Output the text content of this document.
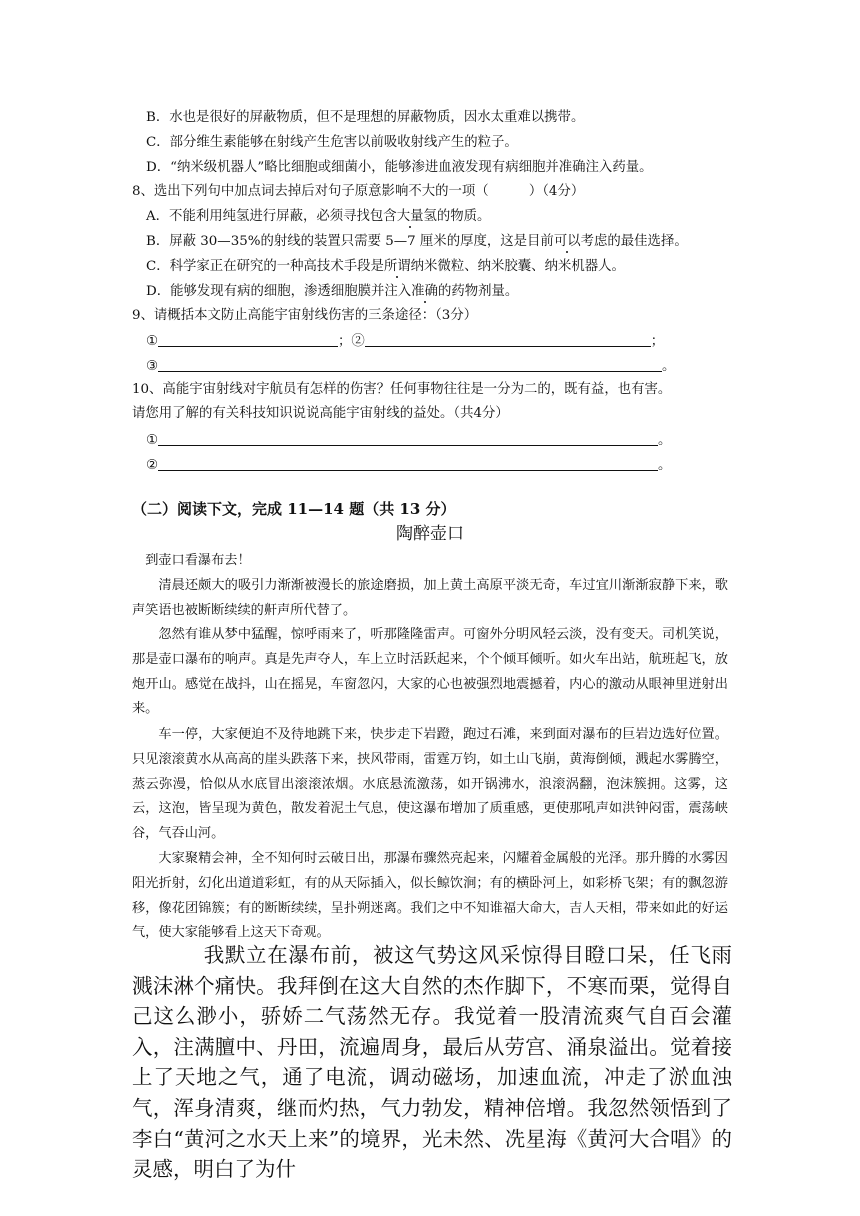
B．水也是很好的屏蔽物质，但不是理想的屏蔽物质，因水太重难以携带。
C．部分维生素能够在射线产生危害以前吸收射线产生的粒子。
D．“纳米级机器人”略比细胞或细菌小，能够渗进血液发现有病细胞并准确注入药量。
8、选出下列句中加点词去掉后对句子原意影响不大的一项（　　　）（4分）
A．不能利用纯氢进行屏蔽，必须寻找包含大量氢的物质。
B．屏蔽 30—35%的射线的装置只需要 5—7 厘米的厚度，这是目前可以考虑的最佳选择。
C．科学家正在研究的一种高技术手段是所谓纳米微粒、纳米胶囊、纳米机器人。
D．能够发现有病的细胞，渗透细胞膜并注入准确的药物剂量。
9、请概括本文防止高能宇宙射线伤害的三条途径：（3分）
①	；②	；
③	。
10、高能宇宙射线对宇航员有怎样的伤害？任何事物往往是一分为二的，既有益，也有害。
请您用了解的有关科技知识说说高能宇宙射线的益处。（共4分）
①	。
②	。
（二）阅读下文，完成 11—14 题（共 13 分）
陶醉壶口
到壶口看瀑布去！
清晨还颇大的吸引力渐渐被漫长的旅途磨损，加上黄土高原平淡无奇，车过宜川渐渐寂静下来，歌声笑语也被断断续续的鼾声所代替了。
忽然有谁从梦中猛醒，惊呼雨来了，听那隆隆雷声。可窗外分明风轻云淡，没有变天。司机笑说，那是壶口瀑布的响声。真是先声夺人，车上立时活跃起来，个个倾耳倾听。如火车出站，航班起飞，放炮开山。感觉在战抖，山在摇晃，车窗忽闪，大家的心也被强烈地震撼着，内心的激动从眼神里迸射出来。
车一停，大家便迫不及待地跳下来，快步走下岩蹬，跑过石滩，来到面对瀑布的巨岩边选好位置。只见滚滚黄水从高高的崖头跌落下来，挟风带雨，雷霆万钧，如土山飞崩，黄海倒倾，溅起水雾腾空，蒸云弥漫，恰似从水底冒出滚滚浓烟。水底悬流激荡，如开锅沸水，浪滚涡翻，泡沫簇拥。这雾，这云，这泡，皆呈现为黄色，散发着泥土气息，使这瀑布增加了质重感，更使那吼声如洪钟闷雷，震荡峡谷，气吞山河。
大家聚精会神，全不知何时云破日出，那瀑布骤然亮起来，闪耀着金属般的光泽。那升腾的水雾因阳光折射，幻化出道道彩虹，有的从天际插入，似长鲸饮涧；有的横卧河上，如彩桥飞架；有的飘忽游移，像花团锦簇；有的断断续续，呈扑朔迷离。我们之中不知谁福大命大，吉人天相，带来如此的好运气，使大家能够看上这天下奇观。
我默立在瀑布前，被这气势这风采惊得目瞪口呆，任飞雨溅沫淋个痛快。我拜倒在这大自然的杰作脚下，不寒而栗，觉得自己这么渺小，骄娇二气荡然无存。我觉着一股清流爽气自百会灌入，注满膻中、丹田，流遍周身，最后从劳宫、涌泉溢出。觉着接上了天地之气，通了电流，调动磁场，加速血流，冲走了淤血浊气，浑身清爽，继而灼热，气力勃发，精神倍增。我忽然领悟到了李白“黄河之水天上来”的境界，光未然、冼星海《黄河大合唱》的灵感，明白了为什
